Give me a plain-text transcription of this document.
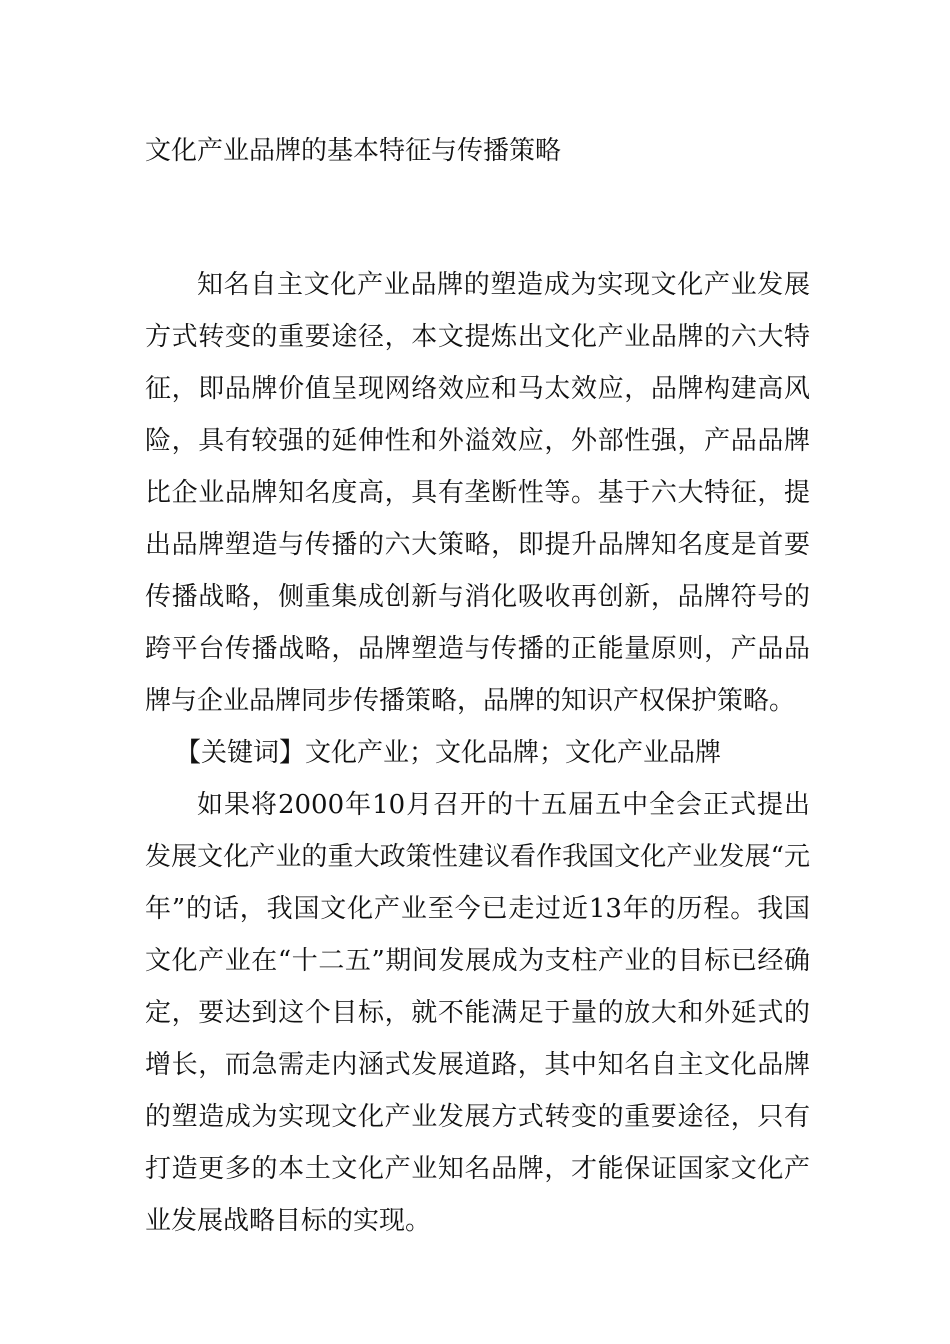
文化产业品牌的基本特征与传播策略

知名自主文化产业品牌的塑造成为实现文化产业发展方式转变的重要途径，本文提炼出文化产业品牌的六大特征，即品牌价值呈现网络效应和马太效应，品牌构建高风险，具有较强的延伸性和外溢效应，外部性强，产品品牌比企业品牌知名度高，具有垄断性等。基于六大特征，提出品牌塑造与传播的六大策略，即提升品牌知名度是首要传播战略，侧重集成创新与消化吸收再创新，品牌符号的跨平台传播战略，品牌塑造与传播的正能量原则，产品品牌与企业品牌同步传播策略，品牌的知识产权保护策略。

【关键词】文化产业；文化品牌；文化产业品牌

如果将2000年10月召开的十五届五中全会正式提出发展文化产业的重大政策性建议看作我国文化产业发展“元年”的话，我国文化产业至今已走过近13年的历程。我国文化产业在“十二五”期间发展成为支柱产业的目标已经确定，要达到这个目标，就不能满足于量的放大和外延式的增长，而急需走内涵式发展道路，其中知名自主文化品牌的塑造成为实现文化产业发展方式转变的重要途径，只有打造更多的本土文化产业知名品牌，才能保证国家文化产业发展战略目标的实现。
